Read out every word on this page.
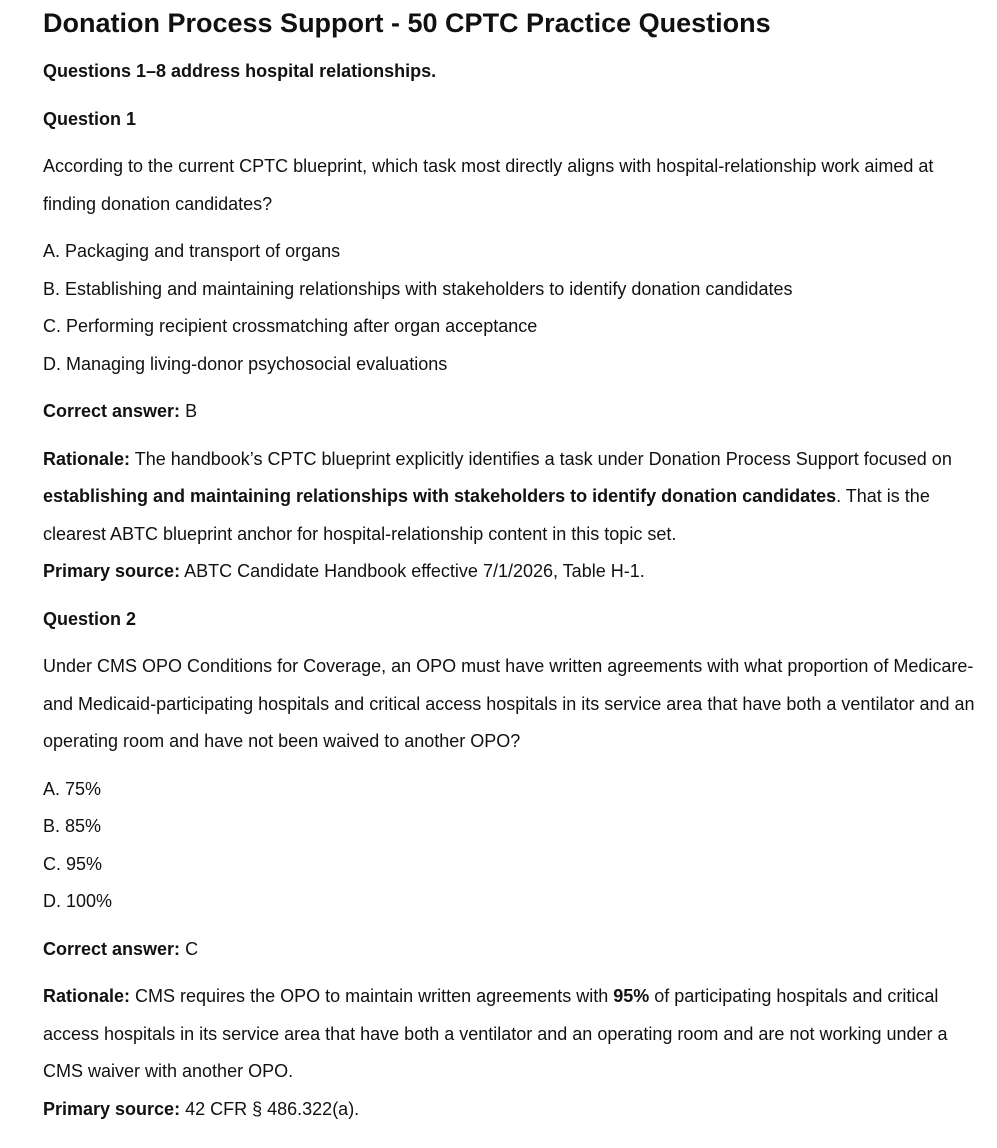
Donation Process Support - 50 CPTC Practice Questions

Questions 1–8 address hospital relationships.

Question 1

According to the current CPTC blueprint, which task most directly aligns with hospital-relationship work aimed at finding donation candidates?

A. Packaging and transport of organs

B. Establishing and maintaining relationships with stakeholders to identify donation candidates

C. Performing recipient crossmatching after organ acceptance

D. Managing living-donor psychosocial evaluations

Correct answer: B

Rationale: The handbook’s CPTC blueprint explicitly identifies a task under Donation Process Support focused on establishing and maintaining relationships with stakeholders to identify donation candidates. That is the clearest ABTC blueprint anchor for hospital-relationship content in this topic set.

Primary source: ABTC Candidate Handbook effective 7/1/2026, Table H-1.

Question 2

Under CMS OPO Conditions for Coverage, an OPO must have written agreements with what proportion of Medicare- and Medicaid-participating hospitals and critical access hospitals in its service area that have both a ventilator and an operating room and have not been waived to another OPO?

A. 75%

B. 85%

C. 95%

D. 100%

Correct answer: C

Rationale: CMS requires the OPO to maintain written agreements with 95% of participating hospitals and critical access hospitals in its service area that have both a ventilator and an operating room and are not working under a CMS waiver with another OPO.

Primary source: 42 CFR § 486.322(a).
